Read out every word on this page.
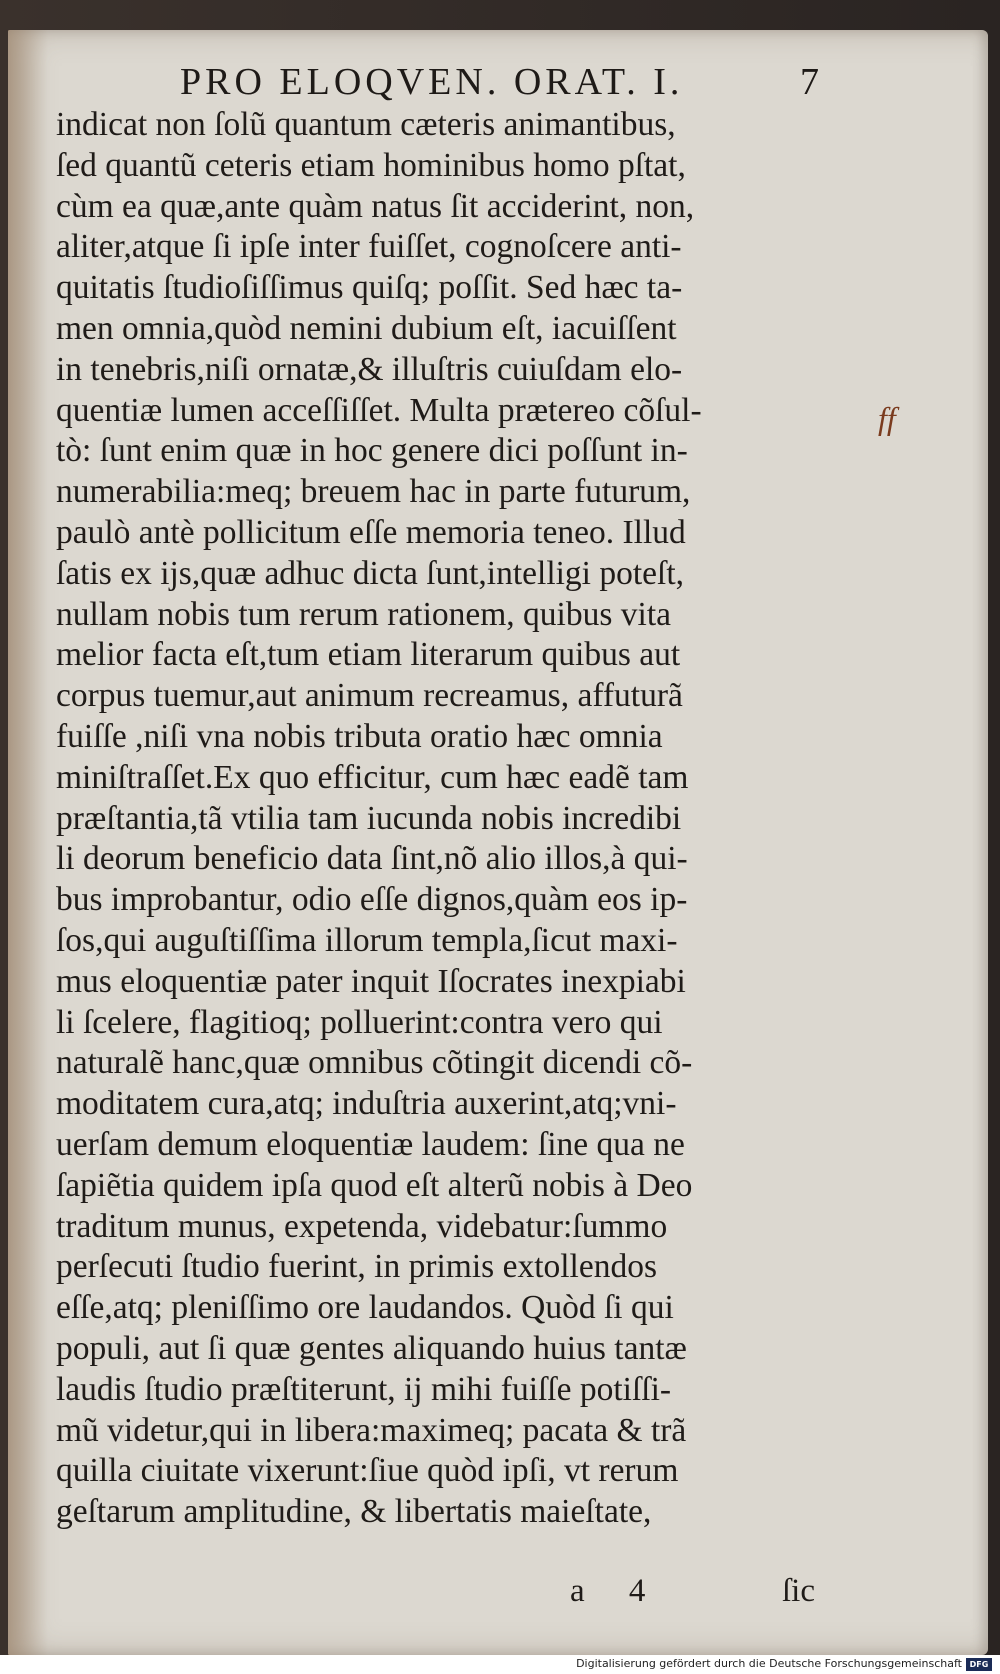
PRO ELOQVEN. ORAT. I.	7
indicat non ſolũ quantum cæteris animantibus,
ſed quantũ ceteris etiam hominibus homo pſtat,
cùm ea quæ,ante quàm natus ſit acciderint, non,
aliter,atque ſi ipſe inter fuiſſet, cognoſcere anti-
quitatis ſtudioſiſſimus quiſq; poſſit. Sed hæc ta-
men omnia,quòd nemini dubium eſt, iacuiſſent
in tenebris,niſi ornatæ,& illuſtris cuiuſdam elo-
quentiæ lumen acceſſiſſet. Multa prætereo cõſul-
tò: ſunt enim quæ in hoc genere dici poſſunt in-
numerabilia:meq; breuem hac in parte futurum,
paulò antè pollicitum eſſe memoria teneo. Illud
ſatis ex ijs,quæ adhuc dicta ſunt,intelligi poteſt,
nullam nobis tum rerum rationem, quibus vita
melior facta eſt,tum etiam literarum quibus aut
corpus tuemur,aut animum recreamus, affuturã
fuiſſe ,niſi vna nobis tributa oratio hæc omnia
miniſtraſſet.Ex quo efficitur, cum hæc eadẽ tam
præſtantia,tã vtilia tam iucunda nobis incredibi
li deorum beneficio data ſint,nõ alio illos,à qui-
bus improbantur, odio eſſe dignos,quàm eos ip-
ſos,qui auguſtiſſima illorum templa,ſicut maxi-
mus eloquentiæ pater inquit Iſocrates inexpiabi
li ſcelere, flagitioq; polluerint:contra vero qui
naturalẽ hanc,quæ omnibus cõtingit dicendi cõ-
moditatem cura,atq; induſtria auxerint,atq;vni-
uerſam demum eloquentiæ laudem: ſine qua ne
ſapiẽtia quidem ipſa quod eſt alterũ nobis à Deo
traditum munus, expetenda, videbatur:ſummo
perſecuti ſtudio fuerint, in primis extollendos
eſſe,atq; pleniſſimo ore laudandos. Quòd ſi qui
populi, aut ſi quæ gentes aliquando huius tantæ
laudis ſtudio præſtiterunt, ij mihi fuiſſe potiſſi-
mũ videtur,qui in libera:maximeq; pacata & trã
quilla ciuitate vixerunt:ſiue quòd ipſi, vt rerum
geſtarum amplitudine, & libertatis maieſtate,
ff
a 4	ſic
Digitalisierung gefördert durch die Deutsche Forschungsgemeinschaft DFG
